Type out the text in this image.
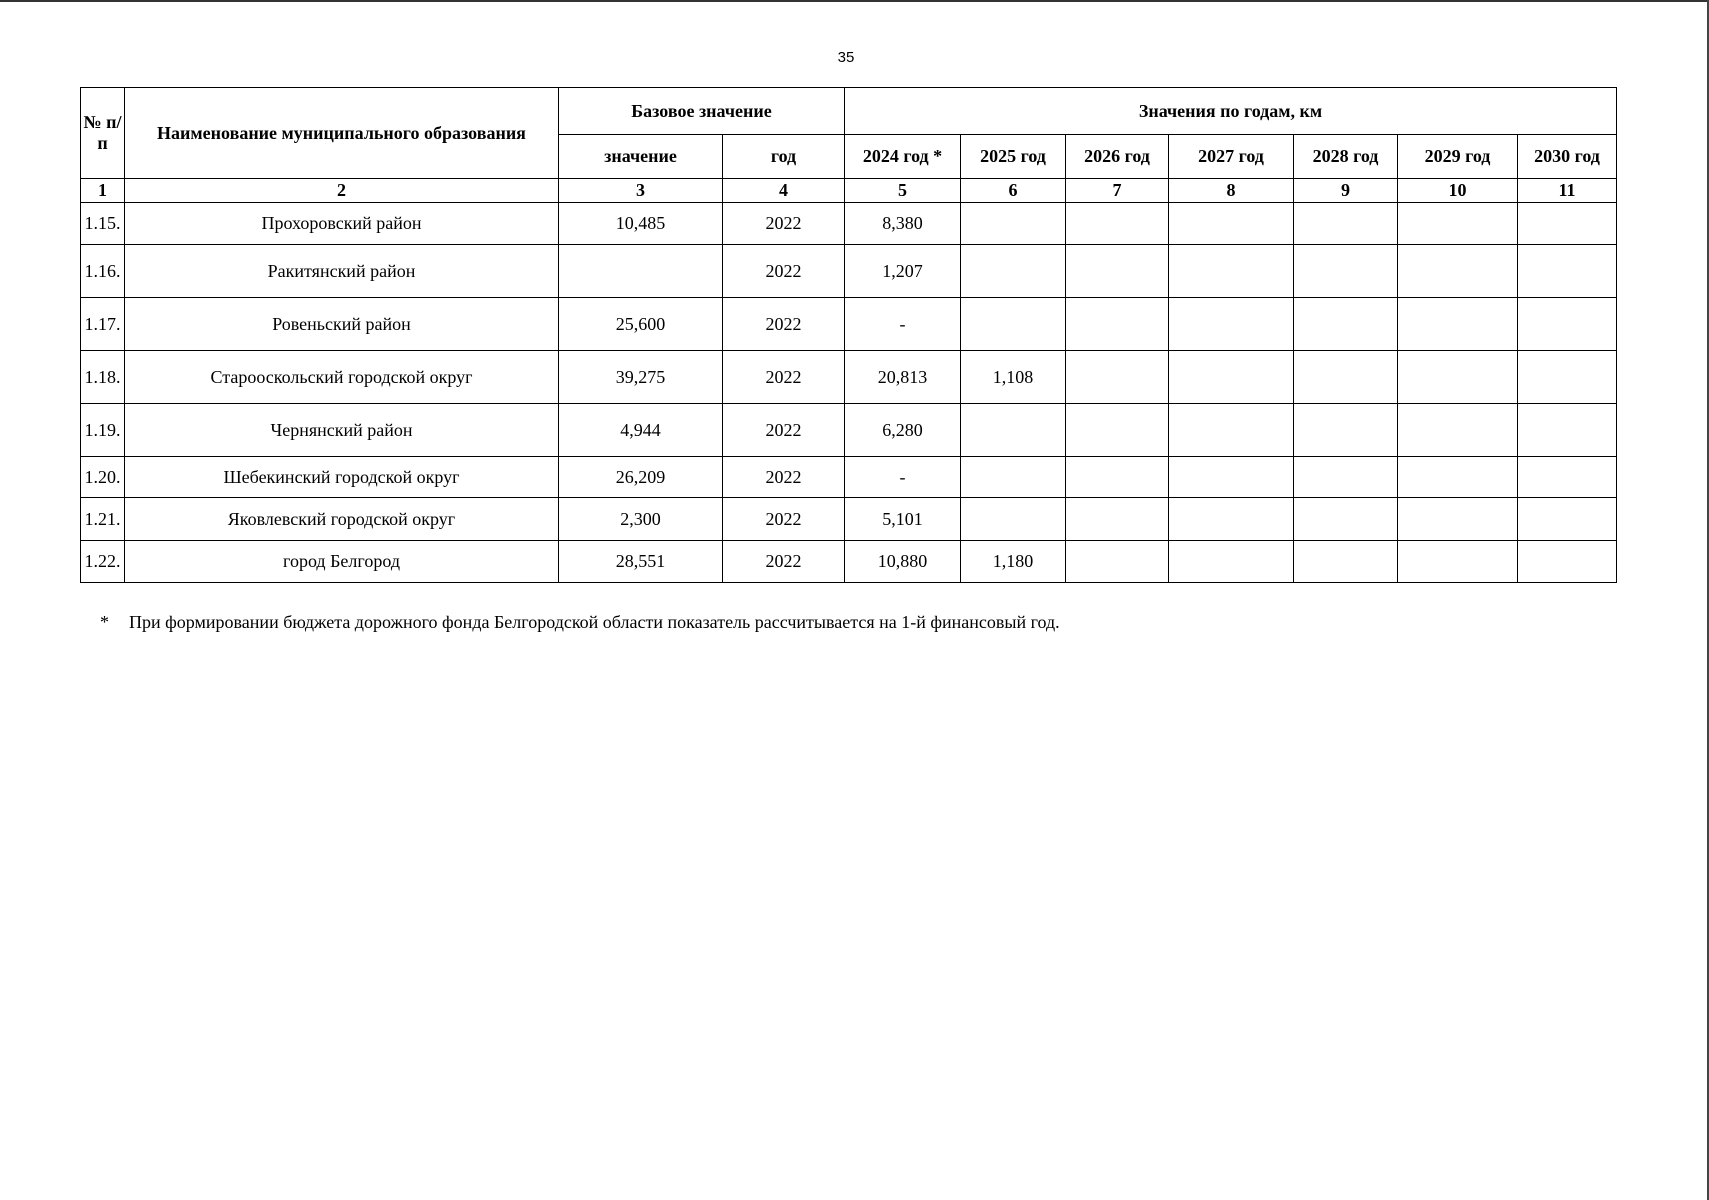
35
№ п/п	Наименование муниципального образования	Базовое значение		Значения по годам, км						
		значение	год	2024 год *	2025 год	2026 год	2027 год	2028 год	2029 год	2030 год
1	2	3	4	5	6	7	8	9	10	11
1.15.	Прохоровский район	10,485	2022	8,380						
1.16.	Ракитянский район		2022	1,207						
1.17.	Ровеньский район	25,600	2022	-						
1.18.	Старооскольский городской округ	39,275	2022	20,813	1,108					
1.19.	Чернянский район	4,944	2022	6,280						
1.20.	Шебекинский городской округ	26,209	2022	-						
1.21.	Яковлевский городской округ	2,300	2022	5,101						
1.22.	город Белгород	28,551	2022	10,880	1,180					
* При формировании бюджета дорожного фонда Белгородской области показатель рассчитывается на 1-й финансовый год.
